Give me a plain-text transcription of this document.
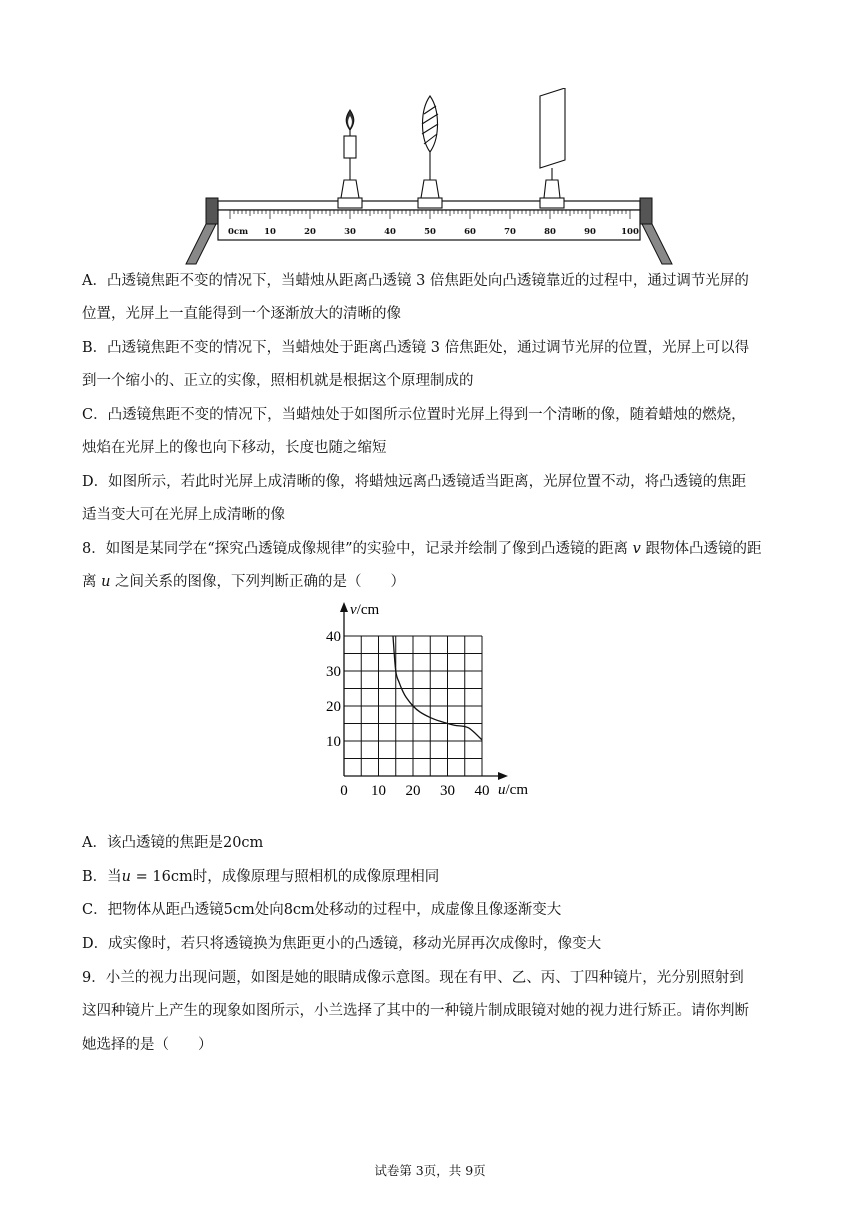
0cm 10	20	30	40	50	60	70	80	90	100
A．凸透镜焦距不变的情况下，当蜡烛从距离凸透镜 3 倍焦距处向凸透镜靠近的过程中，通过调节光屏的
位置，光屏上一直能得到一个逐渐放大的清晰的像
B．凸透镜焦距不变的情况下，当蜡烛处于距离凸透镜 3 倍焦距处，通过调节光屏的位置，光屏上可以得
到一个缩小的、正立的实像，照相机就是根据这个原理制成的
C．凸透镜焦距不变的情况下，当蜡烛处于如图所示位置时光屏上得到一个清晰的像，随着蜡烛的燃烧，
烛焰在光屏上的像也向下移动，长度也随之缩短
D．如图所示，若此时光屏上成清晰的像，将蜡烛远离凸透镜适当距离，光屏位置不动，将凸透镜的焦距
适当变大可在光屏上成清晰的像
8．如图是某同学在“探究凸透镜成像规律”的实验中，记录并绘制了像到凸透镜的距离 v 跟物体凸透镜的距
离 u 之间关系的图像，下列判断正确的是（　　）
0 10 20 30 40
10
20
30
40
v/cm
u/cm
A．该凸透镜的焦距是20cm
B．当u = 16cm时，成像原理与照相机的成像原理相同
C．把物体从距凸透镜5cm处向8cm处移动的过程中，成虚像且像逐渐变大
D．成实像时，若只将透镜换为焦距更小的凸透镜，移动光屏再次成像时，像变大
9．小兰的视力出现问题，如图是她的眼睛成像示意图。现在有甲、乙、丙、丁四种镜片，光分别照射到
这四种镜片上产生的现象如图所示，小兰选择了其中的一种镜片制成眼镜对她的视力进行矫正。请你判断
她选择的是（　　）
试卷第 3页，共 9页
